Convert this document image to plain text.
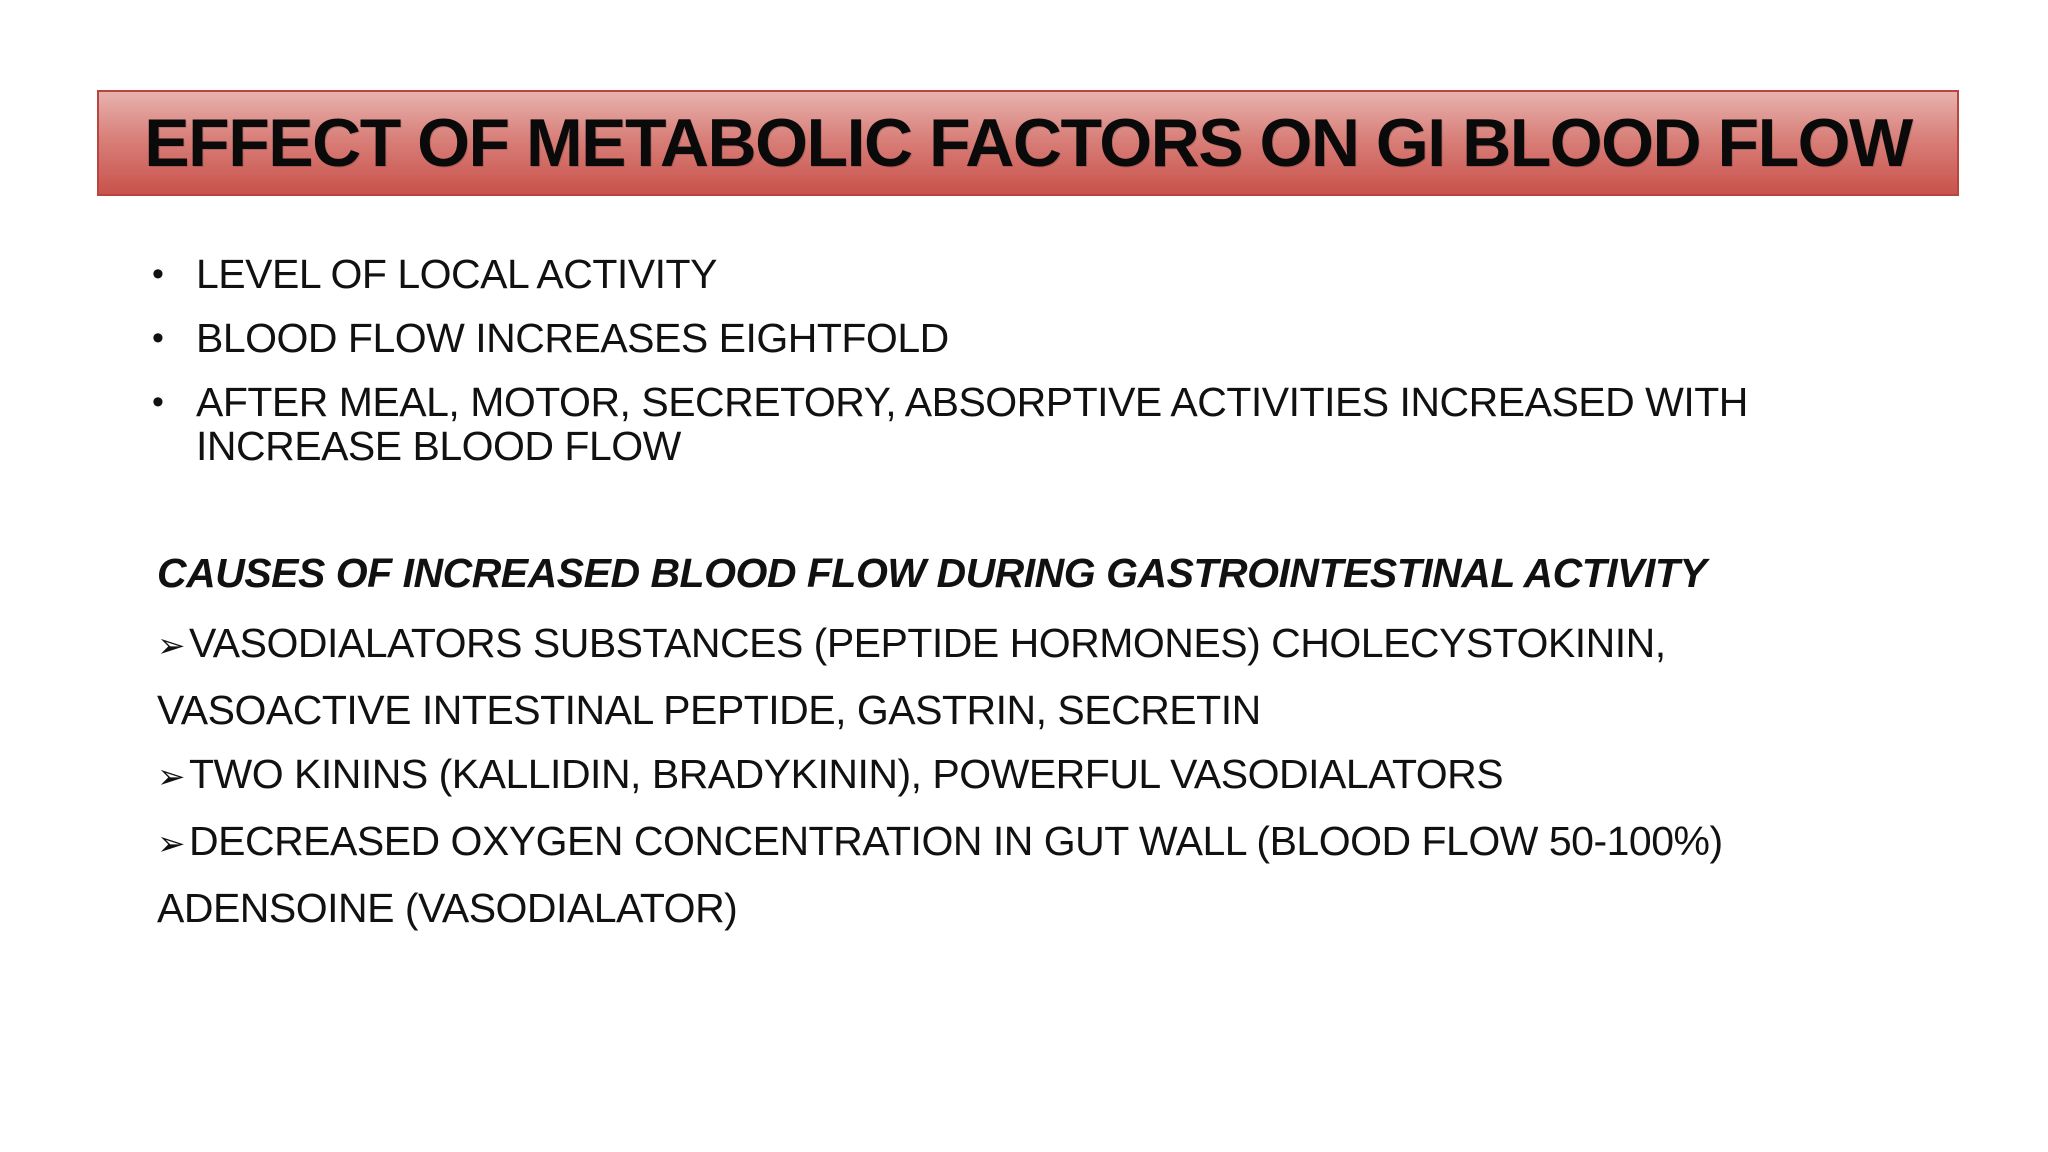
EFFECT OF METABOLIC FACTORS ON GI BLOOD FLOW
• LEVEL OF LOCAL ACTIVITY
• BLOOD FLOW INCREASES EIGHTFOLD
• AFTER MEAL, MOTOR, SECRETORY, ABSORPTIVE ACTIVITIES INCREASED WITH INCREASE BLOOD FLOW
CAUSES OF INCREASED BLOOD FLOW DURING GASTROINTESTINAL ACTIVITY
➢VASODIALATORS SUBSTANCES (PEPTIDE HORMONES) CHOLECYSTOKININ,
VASOACTIVE INTESTINAL PEPTIDE, GASTRIN, SECRETIN
➢TWO KININS (KALLIDIN, BRADYKININ), POWERFUL VASODIALATORS
➢DECREASED OXYGEN CONCENTRATION IN GUT WALL (BLOOD FLOW 50-100%)
ADENSOINE (VASODIALATOR)
